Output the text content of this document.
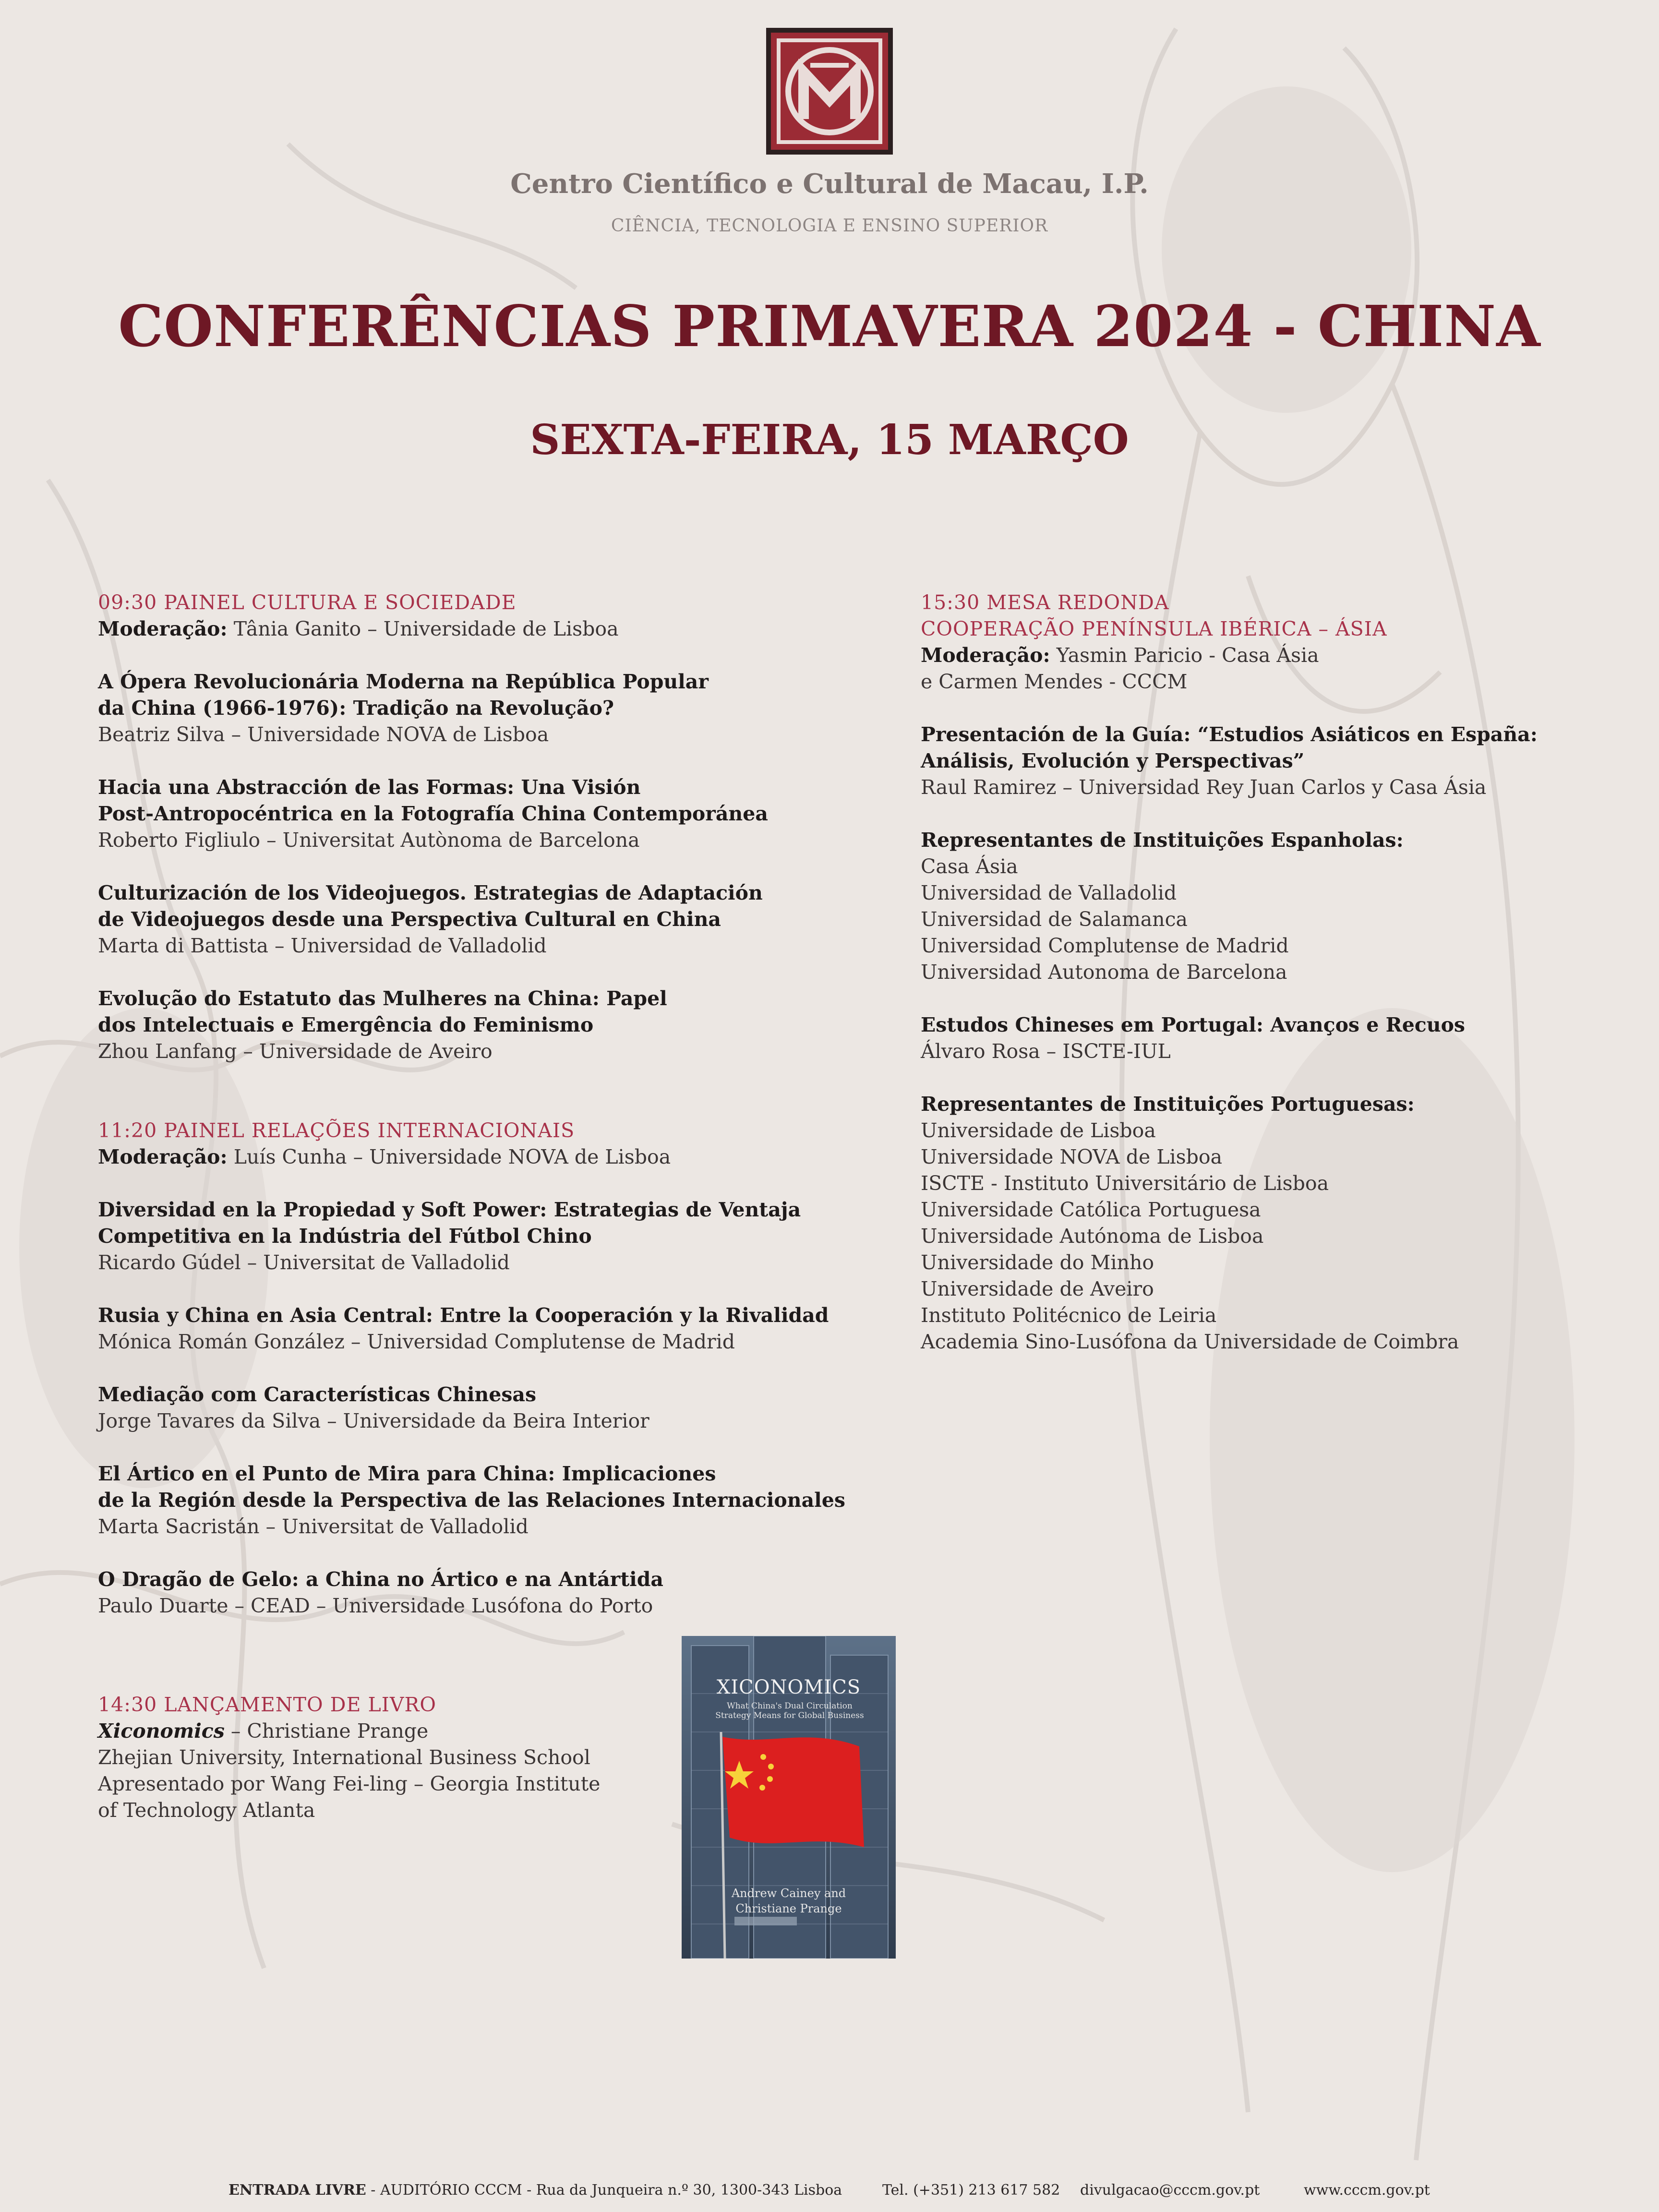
Centro Científico e Cultural de Macau, I.P.
CIÊNCIA, TECNOLOGIA E ENSINO SUPERIOR
CONFERÊNCIAS PRIMAVERA 2024 - CHINA
SEXTA-FEIRA, 15 MARÇO
09:30 PAINEL CULTURA E SOCIEDADE
Moderação: Tânia Ganito – Universidade de Lisboa
A Ópera Revolucionária Moderna na República Popular
da China (1966-1976): Tradição na Revolução?
Beatriz Silva – Universidade NOVA de Lisboa
Hacia una Abstracción de las Formas: Una Visión
Post-Antropocéntrica en la Fotografía China Contemporánea
Roberto Figliulo – Universitat Autònoma de Barcelona
Culturización de los Videojuegos. Estrategias de Adaptación
de Videojuegos desde una Perspectiva Cultural en China
Marta di Battista – Universidad de Valladolid
Evolução do Estatuto das Mulheres na China: Papel
dos Intelectuais e Emergência do Feminismo
Zhou Lanfang – Universidade de Aveiro
11:20 PAINEL RELAÇÕES INTERNACIONAIS
Moderação: Luís Cunha – Universidade NOVA de Lisboa
Diversidad en la Propiedad y Soft Power: Estrategias de Ventaja
Competitiva en la Indústria del Fútbol Chino
Ricardo Gúdel – Universitat de Valladolid
Rusia y China en Asia Central: Entre la Cooperación y la Rivalidad
Mónica Román González – Universidad Complutense de Madrid
Mediação com Características Chinesas
Jorge Tavares da Silva – Universidade da Beira Interior
El Ártico en el Punto de Mira para China: Implicaciones
de la Región desde la Perspectiva de las Relaciones Internacionales
Marta Sacristán – Universitat de Valladolid
O Dragão de Gelo: a China no Ártico e na Antártida
Paulo Duarte – CEAD – Universidade Lusófona do Porto
14:30 LANÇAMENTO DE LIVRO
Xiconomics – Christiane Prange
Zhejian University, International Business School
Apresentado por Wang Fei-ling – Georgia Institute
of Technology Atlanta
XICONOMICS
What China's Dual Circulation
Strategy Means for Global Business
Andrew Cainey and
Christiane Prange
15:30 MESA REDONDA
COOPERAÇÃO PENÍNSULA IBÉRICA – ÁSIA
Moderação: Yasmin Paricio - Casa Ásia
e Carmen Mendes - CCCM
Presentación de la Guía: “Estudios Asiáticos en España:
Análisis, Evolución y Perspectivas”
Raul Ramirez – Universidad Rey Juan Carlos y Casa Ásia
Representantes de Instituições Espanholas:
Casa Ásia
Universidad de Valladolid
Universidad de Salamanca
Universidad Complutense de Madrid
Universidad Autonoma de Barcelona
Estudos Chineses em Portugal: Avanços e Recuos
Álvaro Rosa – ISCTE-IUL
Representantes de Instituições Portuguesas:
Universidade de Lisboa
Universidade NOVA de Lisboa
ISCTE - Instituto Universitário de Lisboa
Universidade Católica Portuguesa
Universidade Autónoma de Lisboa
Universidade do Minho
Universidade de Aveiro
Instituto Politécnico de Leiria
Academia Sino-Lusófona da Universidade de Coimbra
ENTRADA LIVRE - AUDITÓRIO CCCM - Rua da Junqueira n.º 30, 1300-343 Lisboa	Tel. (+351) 213 617 582 divulgacao@cccm.gov.pt	www.cccm.gov.pt
